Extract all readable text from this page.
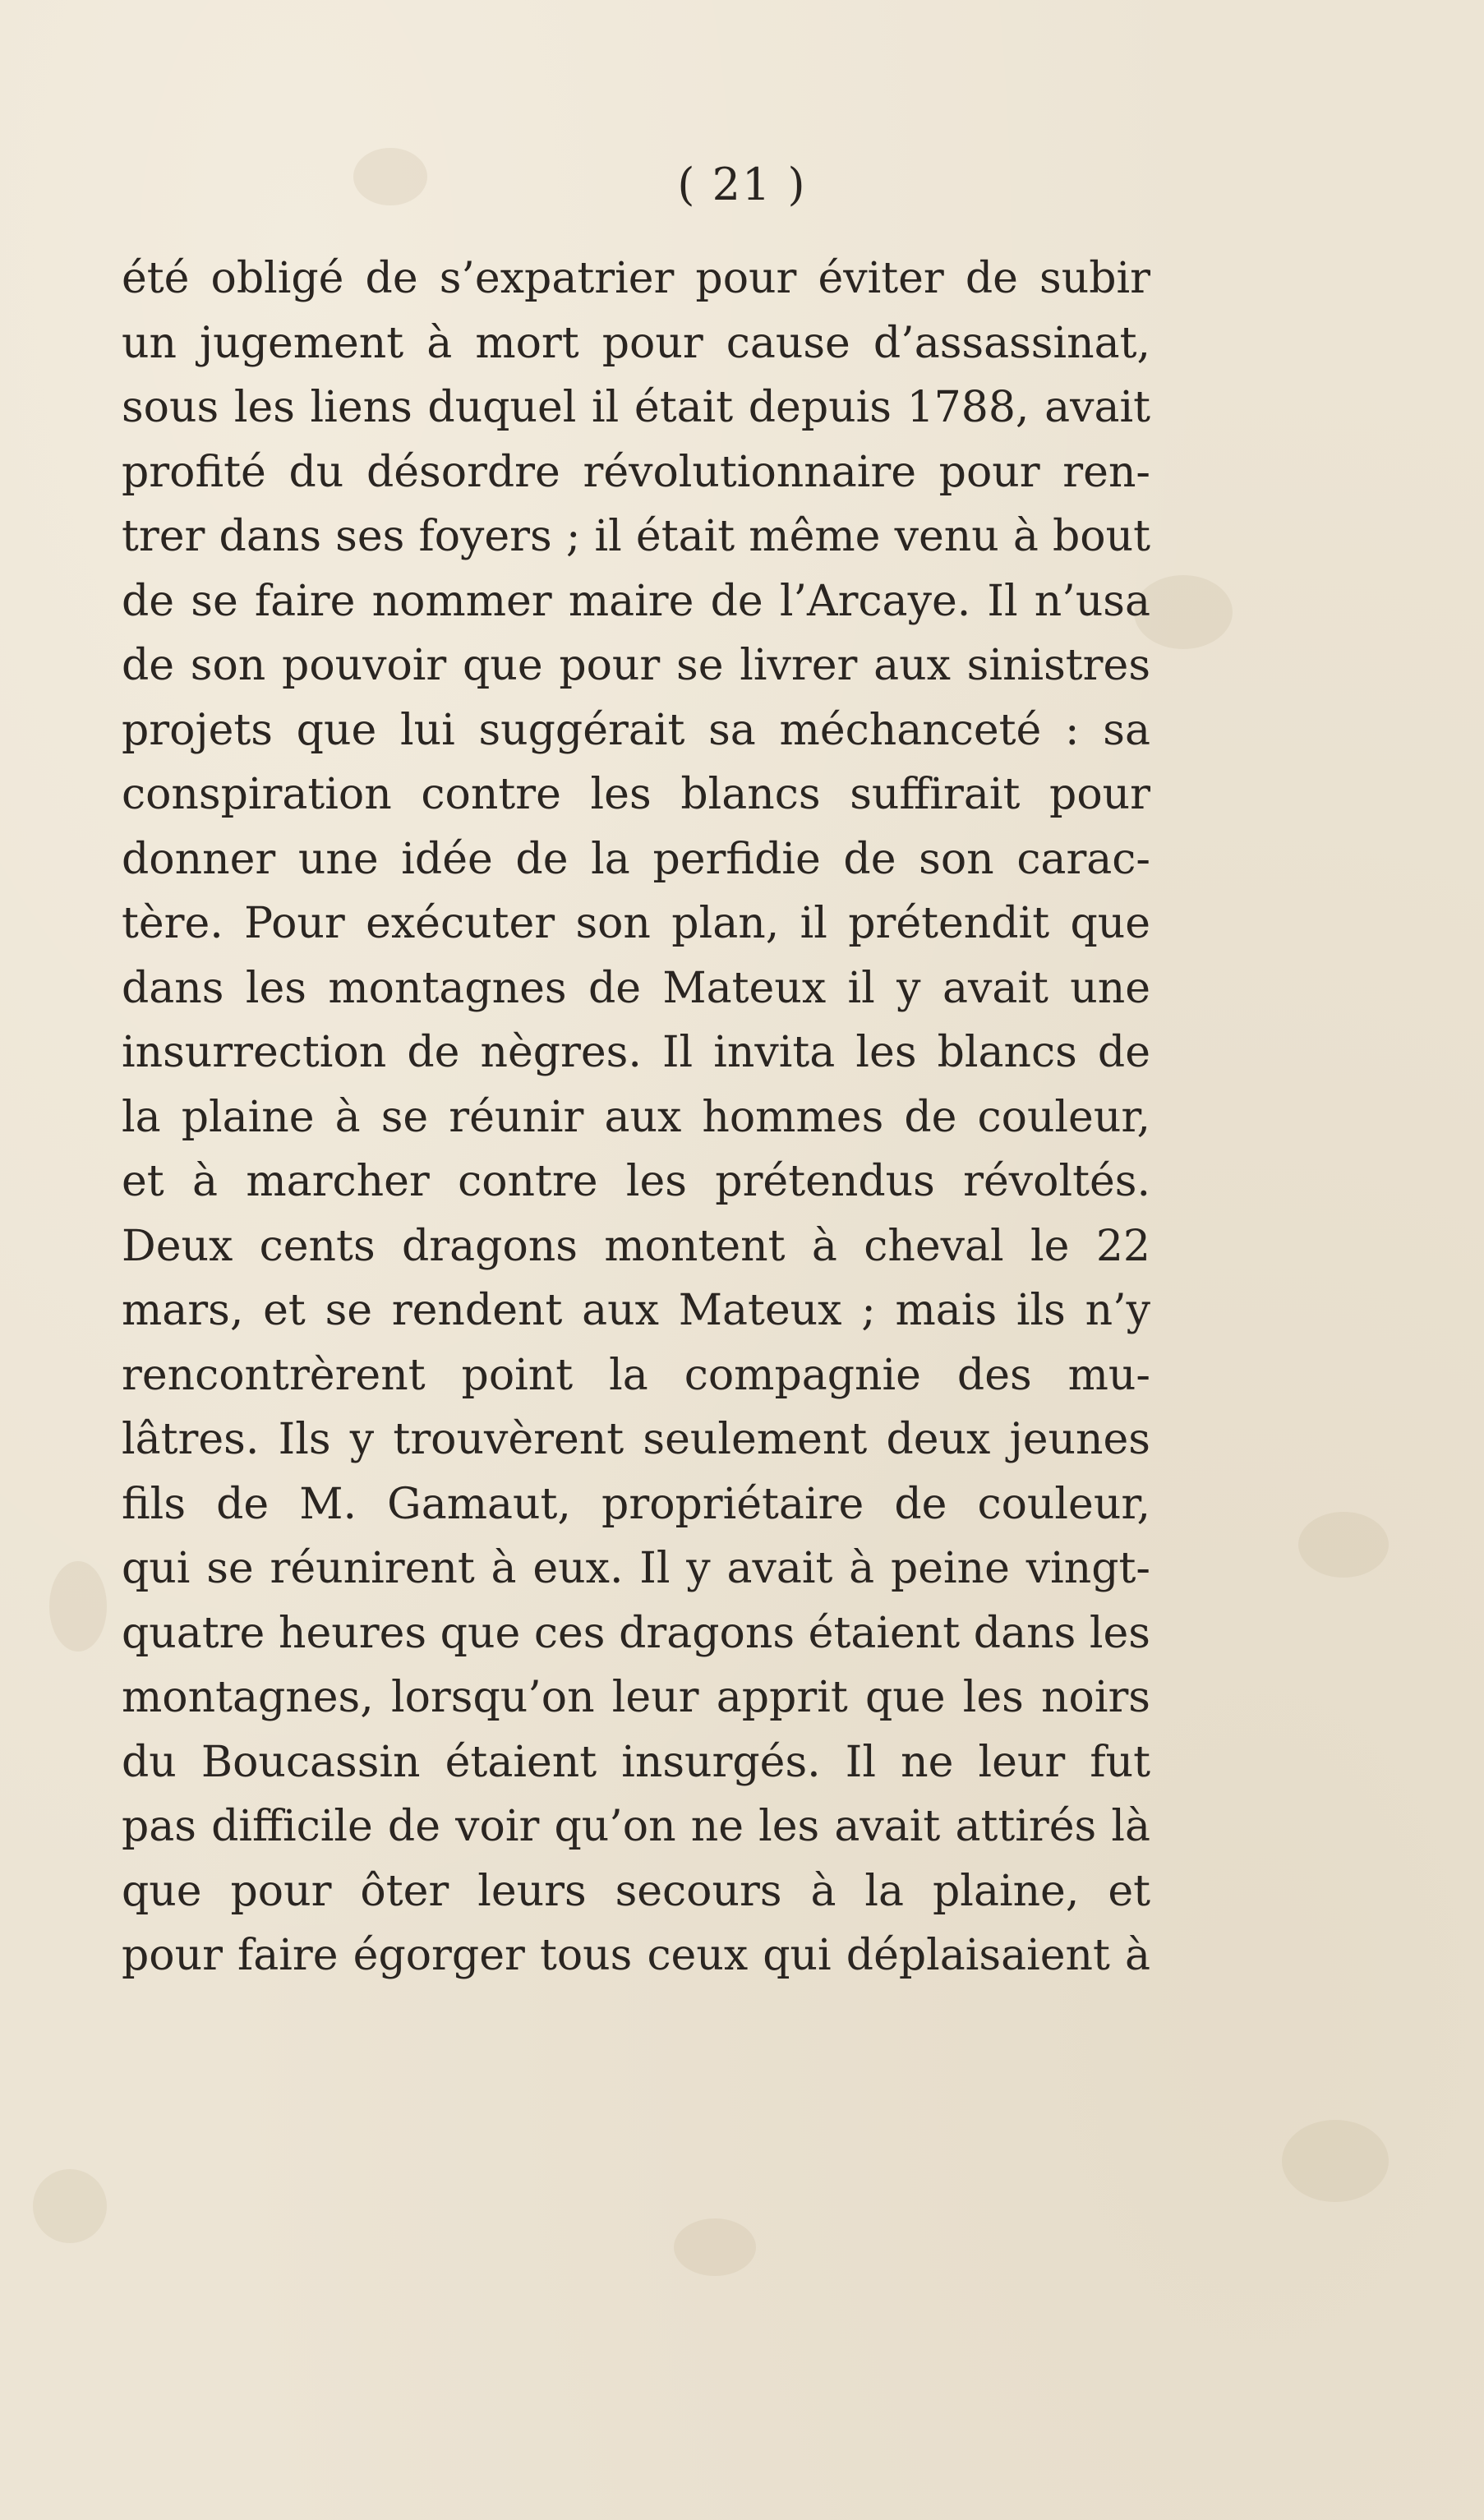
( 21 )
été obligé de s’expatrier pour éviter de subir
un jugement à mort pour cause d’assassinat,
sous les liens duquel il était depuis 1788, avait
profité du désordre révolutionnaire pour ren-
trer dans ses foyers ; il était même venu à bout
de se faire nommer maire de l’Arcaye. Il n’usa
de son pouvoir que pour se livrer aux sinistres
projets que lui suggérait sa méchanceté : sa
conspiration contre les blancs suffirait pour
donner une idée de la perfidie de son carac-
tère. Pour exécuter son plan, il prétendit que
dans les montagnes de Mateux il y avait une
insurrection de nègres. Il invita les blancs de
la plaine à se réunir aux hommes de couleur,
et à marcher contre les prétendus révoltés.
Deux cents dragons montent à cheval le 22
mars, et se rendent aux Mateux ; mais ils n’y
rencontrèrent point la compagnie des mu-
lâtres. Ils y trouvèrent seulement deux jeunes
fils de M. Gamaut, propriétaire de couleur,
qui se réunirent à eux. Il y avait à peine vingt-
quatre heures que ces dragons étaient dans les
montagnes, lorsqu’on leur apprit que les noirs
du Boucassin étaient insurgés. Il ne leur fut
pas difficile de voir qu’on ne les avait attirés là
que pour ôter leurs secours à la plaine, et
pour faire égorger tous ceux qui déplaisaient à
